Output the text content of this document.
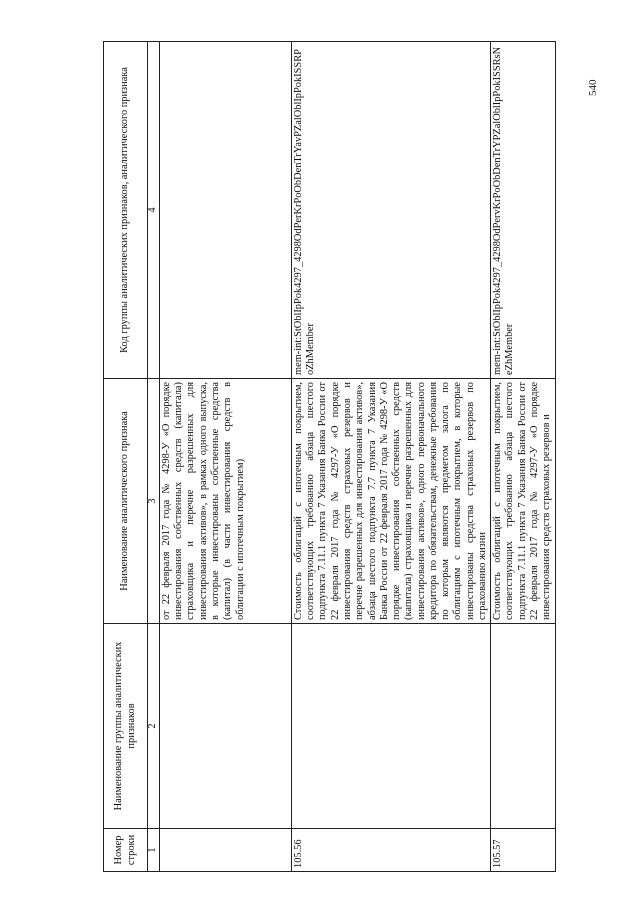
Номер строки	Наименование группы аналитических признаков	Наименование аналитического признака	Код группы аналитических признаков, аналитического признака
1	2	3	4
		от 22 февраля 2017 года № 4298-У «О порядке инвестирования собственных средств (капитала) страховщика и перечне разрешенных для инвестирования активов», в рамках одного выпуска, в которые инвестированы собственные средства (капитал) (в части инвестирования средств в облигации с ипотечным покрытием)	
105.56		Стоимость облигаций с ипотечным покрытием, соответствующих требованию абзаца шестого подпункта 7.11.1 пункта 7 Указания Банка России от 22 февраля 2017 года № 4297-У «О порядке инвестирования средств страховых резервов и перечне разрешенных для инвестирования активов», абзаца шестого подпункта 7.7 пункта 7 Указания Банка России от 22 февраля 2017 года № 4298-У «О порядке инвестирования собственных средств (капитала) страховщика и перечне разрешенных для инвестирования активов», одного первоначального кредитора по обязательствам, денежные требования по которым являются предметом залога по облигациям с ипотечным покрытием, в которые инвестированы средства страховых резервов по страхованию жизни	mem-int:StOblIpPok4297_4298OdPerKrPoObDenTrYavPZalOblIpPokISSRPoZhMember
105.57		Стоимость облигаций с ипотечным покрытием, соответствующих требованию абзаца шестого подпункта 7.11.1 пункта 7 Указания Банка России от 22 февраля 2017 года № 4297-У «О порядке инвестирования средств страховых резервов и	mem-int:StOblIpPok4297_4298OdPervKrPoObDenTrYPZalOblIpPokISSRsNeZhMember
540
